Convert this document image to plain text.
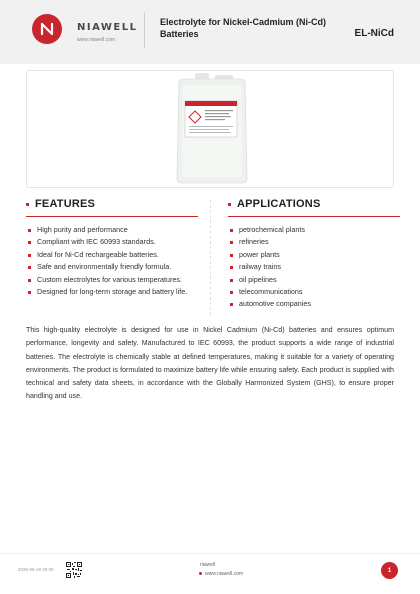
NIAWELL
www.niawell.com
Electrolyte for Nickel-Cadmium (Ni-Cd) Batteries	EL-NiCd
FEATURES
High purity and performance
Compliant with IEC 60993 standards.
Ideal for Ni-Cd rechargeable batteries.
Safe and environmentally friendly formula.
Custom electrolytes for various temperatures.
Designed for long-term storage and battery life.
APPLICATIONS
petrochemical plants
refineries
power plants
railway trains
oil pipelines
telecommunications
automotive companies

This high-quality electrolyte is designed for use in Nickel Cadmium (Ni-Cd) batteries and ensures optimum performance, longevity and safety. Manufactured to IEC 60993, the product supports a wide range of industrial batteries. The electrolyte is chemically stable at defined temperatures, making it suitable for a variety of operating environments. The product is formulated to maximize battery life while ensuring safety. Each product is supplied with technical and safety data sheets, in accordance with the Globally Harmonized System (GHS), to ensure proper handling and use.

2026-06-19 00:00
niawell
www.niawell.com
1
